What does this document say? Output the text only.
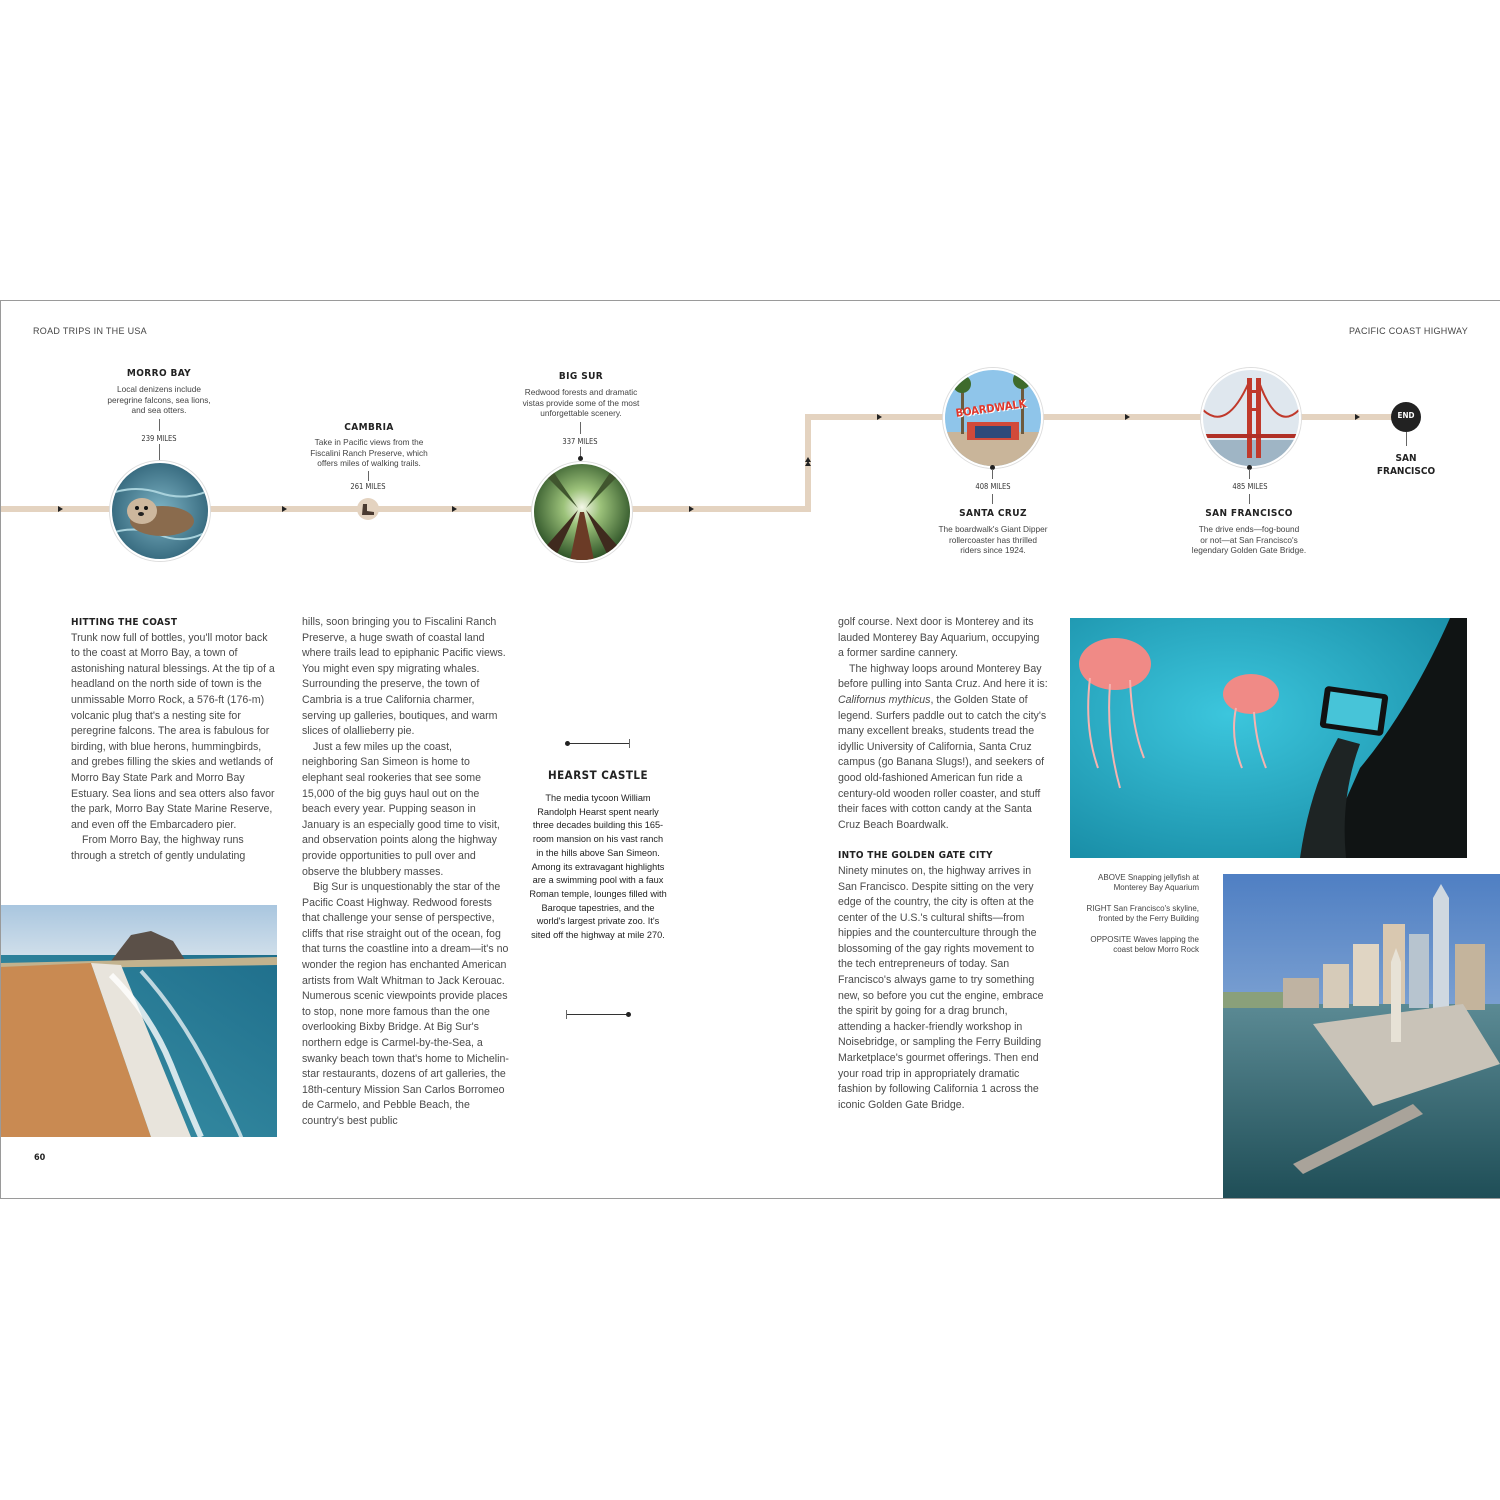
ROAD TRIPS IN THE USA	PACIFIC COAST HIGHWAY
END
SAN
FRANCISCO
MORRO BAY
Local denizens include
peregrine falcons, sea lions,
and sea otters.
239 MILES
CAMBRIA
Take in Pacific views from the
Fiscalini Ranch Preserve, which
offers miles of walking trails.
261 MILES
BIG SUR
Redwood forests and dramatic
vistas provide some of the most
unforgettable scenery.
337 MILES
BOARDWALK
408 MILES
SANTA CRUZ
The boardwalk's Giant Dipper
rollercoaster has thrilled
riders since 1924.
485 MILES
SAN FRANCISCO
The drive ends—fog-bound
or not—at San Francisco's
legendary Golden Gate Bridge.
HITTING THE COAST

Trunk now full of bottles, you'll motor back to the coast at Morro Bay, a town of astonishing natural blessings. At the tip of a headland on the north side of town is the unmissable Morro Rock, a 576-ft (176-m) volcanic plug that's a nesting site for peregrine falcons. The area is fabulous for birding, with blue herons, hummingbirds, and grebes filling the skies and wetlands of Morro Bay State Park and Morro Bay Estuary. Sea lions and sea otters also favor the park, Morro Bay State Marine Reserve, and even off the Embarcadero pier.

From Morro Bay, the highway runs through a stretch of gently undulating

hills, soon bringing you to Fiscalini Ranch Preserve, a huge swath of coastal land where trails lead to epiphanic Pacific views. You might even spy migrating whales. Surrounding the preserve, the town of Cambria is a true California charmer, serving up galleries, boutiques, and warm slices of olallieberry pie.

Just a few miles up the coast, neighboring San Simeon is home to elephant seal rookeries that see some 15,000 of the big guys haul out on the beach every year. Pupping season in January is an especially good time to visit, and observation points along the highway provide opportunities to pull over and observe the blubbery masses.

Big Sur is unquestionably the star of the Pacific Coast Highway. Redwood forests that challenge your sense of perspective, cliffs that rise straight out of the ocean, fog that turns the coastline into a dream—it's no wonder the region has enchanted American artists from Walt Whitman to Jack Kerouac. Numerous scenic viewpoints provide places to stop, none more famous than the one overlooking Bixby Bridge. At Big Sur's northern edge is Carmel-by-the-Sea, a swanky beach town that's home to Michelin-star restaurants, dozens of art galleries, the 18th-century Mission San Carlos Borromeo de Carmelo, and Pebble Beach, the country's best public

HEARST CASTLE
The media tycoon William Randolph Hearst spent nearly three decades building this 165-room mansion on his vast ranch in the hills above San Simeon. Among its extravagant highlights are a swimming pool with a faux Roman temple, lounges filled with Baroque tapestries, and the world's largest private zoo. It's sited off the highway at mile 270.

golf course. Next door is Monterey and its lauded Monterey Bay Aquarium, occupying a former sardine cannery.

The highway loops around Monterey Bay before pulling into Santa Cruz. And here it is: Californus mythicus, the Golden State of legend. Surfers paddle out to catch the city's many excellent breaks, students tread the idyllic University of California, Santa Cruz campus (go Banana Slugs!), and seekers of good old-fashioned American fun ride a century-old wooden roller coaster, and stuff their faces with cotton candy at the Santa Cruz Beach Boardwalk.

INTO THE GOLDEN GATE CITY

Ninety minutes on, the highway arrives in San Francisco. Despite sitting on the very edge of the country, the city is often at the center of the U.S.'s cultural shifts—from hippies and the counterculture through the blossoming of the gay rights movement to the tech entrepreneurs of today. San Francisco's always game to try something new, so before you cut the engine, embrace the spirit by going for a drag brunch, attending a hacker-friendly workshop in Noisebridge, or sampling the Ferry Building Marketplace's gourmet offerings. Then end your road trip in appropriately dramatic fashion by following California 1 across the iconic Golden Gate Bridge.

ABOVE Snapping jellyfish at Monterey Bay Aquarium

RIGHT San Francisco's skyline, fronted by the Ferry Building

OPPOSITE Waves lapping the coast below Morro Rock

60
